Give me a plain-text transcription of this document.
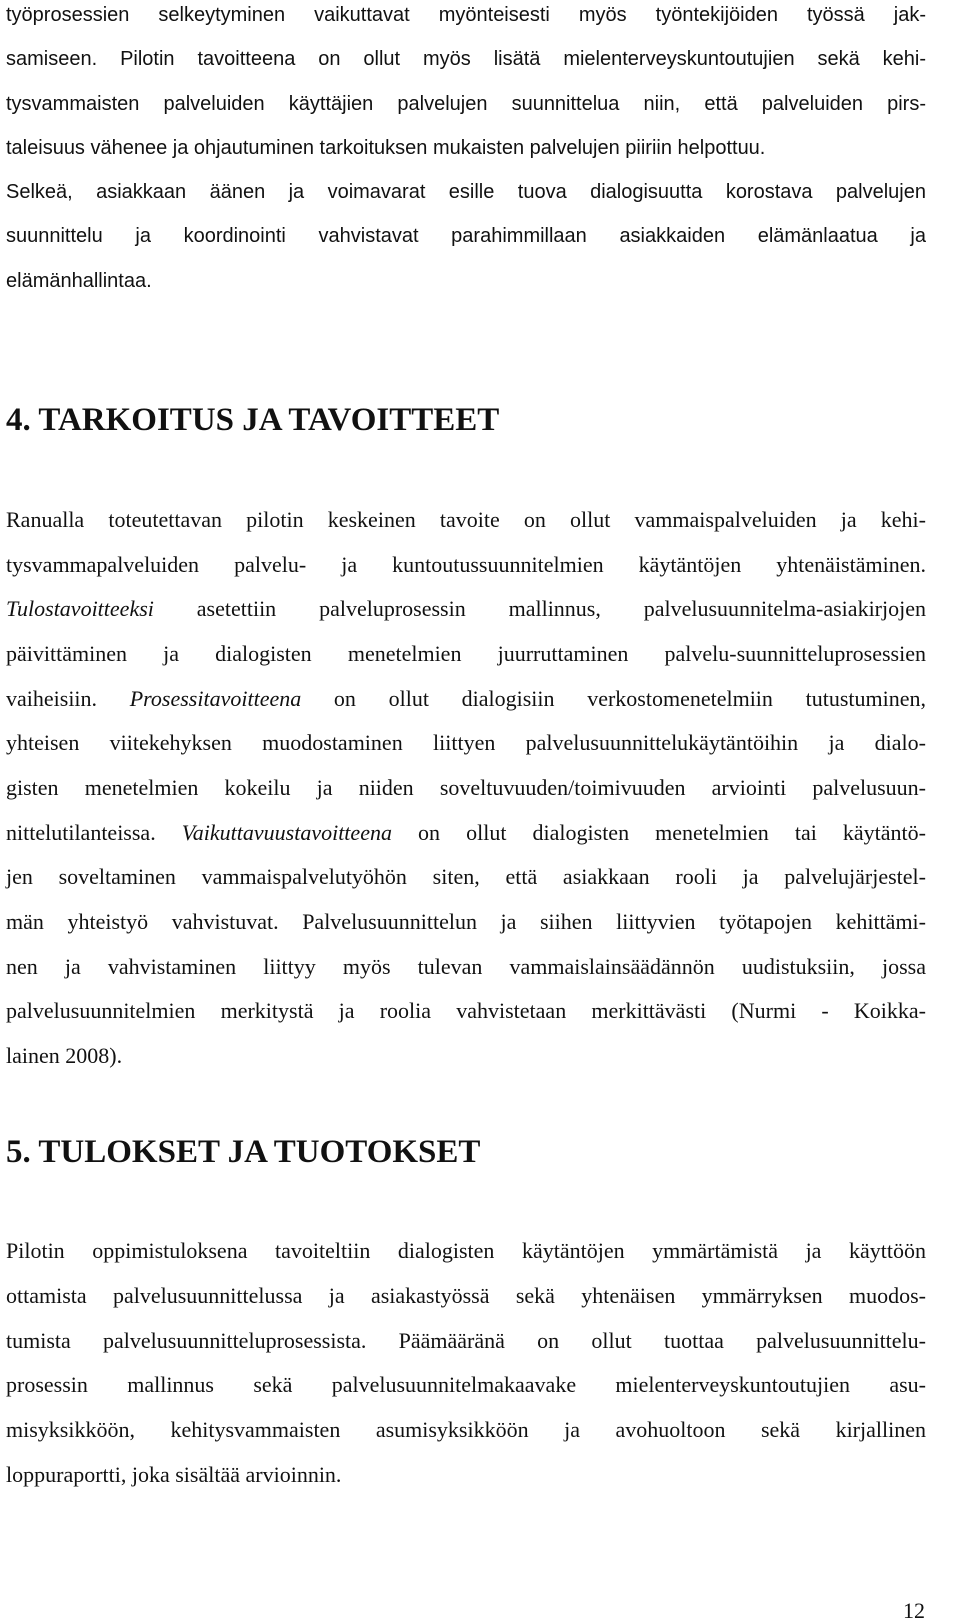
työprosessien selkeytyminen vaikuttavat myönteisesti myös työntekijöiden työssä jak-

samiseen. Pilotin tavoitteena on ollut myös lisätä mielenterveyskuntoutujien sekä kehi-

tysvammaisten palveluiden käyttäjien palvelujen suunnittelua niin, että palveluiden pirs-

taleisuus vähenee ja ohjautuminen tarkoituksen mukaisten palvelujen piiriin helpottuu.

Selkeä, asiakkaan äänen ja voimavarat esille tuova dialogisuutta korostava palvelujen

suunnittelu ja koordinointi vahvistavat parahimmillaan asiakkaiden elämänlaatua ja

elämänhallintaa.

4. TARKOITUS JA TAVOITTEET

Ranualla toteutettavan pilotin keskeinen tavoite on ollut vammaispalveluiden ja kehi-

tysvammapalveluiden palvelu- ja kuntoutussuunnitelmien käytäntöjen yhtenäistäminen.

Tulostavoitteeksi asetettiin palveluprosessin mallinnus, palvelusuunnitelma-asiakirjojen

päivittäminen ja dialogisten menetelmien juurruttaminen palvelu-suunnitteluprosessien

vaiheisiin. Prosessitavoitteena on ollut dialogisiin verkostomenetelmiin tutustuminen,

yhteisen viitekehyksen muodostaminen liittyen palvelusuunnittelukäytäntöihin ja dialo-

gisten menetelmien kokeilu ja niiden soveltuvuuden/toimivuuden arviointi palvelusuun-

nittelutilanteissa. Vaikuttavuustavoitteena on ollut dialogisten menetelmien tai käytäntö-

jen soveltaminen vammaispalvelutyöhön siten, että asiakkaan rooli ja palvelujärjestel-

män yhteistyö vahvistuvat. Palvelusuunnittelun ja siihen liittyvien työtapojen kehittämi-

nen ja vahvistaminen liittyy myös tulevan vammaislainsäädännön uudistuksiin, jossa

palvelusuunnitelmien merkitystä ja roolia vahvistetaan merkittävästi (Nurmi - Koikka-

lainen 2008).

5. TULOKSET JA TUOTOKSET

Pilotin oppimistuloksena tavoiteltiin dialogisten käytäntöjen ymmärtämistä ja käyttöön

ottamista palvelusuunnittelussa ja asiakastyössä sekä yhtenäisen ymmärryksen muodos-

tumista palvelusuunnitteluprosessista. Päämääränä on ollut tuottaa palvelusuunnittelu-

prosessin mallinnus sekä palvelusuunnitelmakaavake mielenterveyskuntoutujien asu-

misyksikköön, kehitysvammaisten asumisyksikköön ja avohuoltoon sekä kirjallinen

loppuraportti, joka sisältää arvioinnin.

12
